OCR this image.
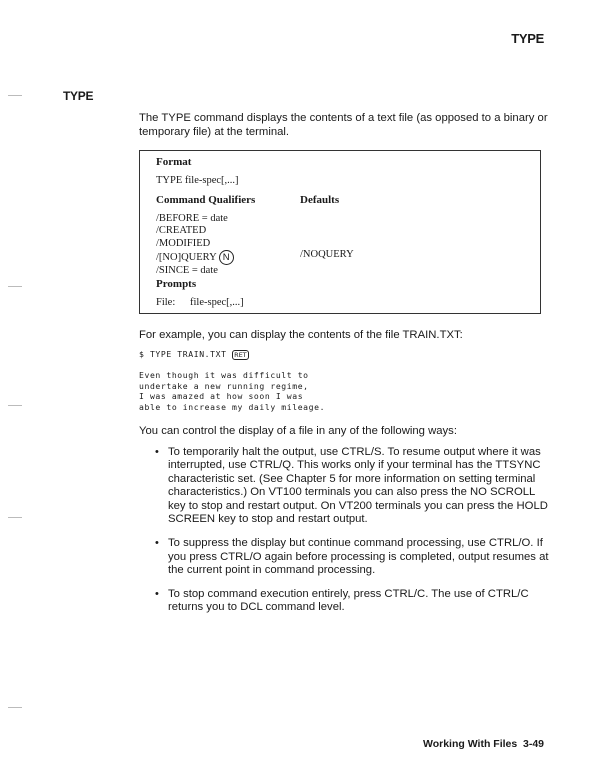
TYPE
TYPE
The TYPE command displays the contents of a text file (as opposed to a binary or temporary file) at the terminal.
Format
TYPE file-spec[,...]
Command Qualifiers	Defaults
/BEFORE = date
/CREATED
/MODIFIED
/[NO]QUERY N
/SINCE = date
/NOQUERY
Prompts
File: file-spec[,...]
For example, you can display the contents of the file TRAIN.TXT:
$ TYPE TRAIN.TXT RET
Even though it was difficult to
undertake a new running regime,
I was amazed at how soon I was
able to increase my daily mileage.
You can control the display of a file in any of the following ways:
• To temporarily halt the output, use CTRL/S. To resume output where it was interrupted, use CTRL/Q. This works only if your terminal has the TTSYNC characteristic set. (See Chapter 5 for more information on setting terminal characteristics.) On VT100 terminals you can also press the NO SCROLL key to stop and restart output. On VT200 terminals you can press the HOLD SCREEN key to stop and restart output.
• To suppress the display but continue command processing, use CTRL/O. If you press CTRL/O again before processing is completed, output resumes at the current point in command processing.
• To stop command execution entirely, press CTRL/C. The use of CTRL/C returns you to DCL command level.
Working With Files 3-49
